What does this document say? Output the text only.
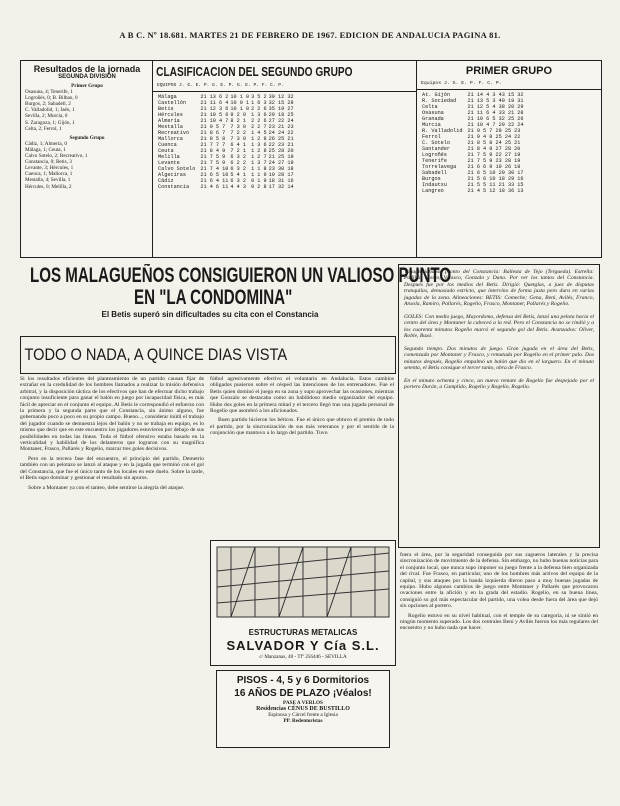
A B C. Nº 18.681. MARTES 21 DE FEBRERO DE 1967. EDICION DE ANDALUCIA PAGINA 81.
Resultados de la jornada
SEGUNDA DIVISION
Primer Grupo
Osasuna, 4; Tenerife, 1
Logroñés, 0; B. Bilbao, 0
Burgos, 2; Sabadell, 2
C. Valladolid, 1; Jaén, 1
Sevilla, 2; Murcia, 0
S. Zaragoza, 1; Gijón, 1
Celta, 2; Ferrol, 1
Segundo Grupo
Cádiz, 1; Almería, 0
Málaga, 1; Ceuta, 1
Calvo Sotelo, 2; Recreativo, 1
Constancia, 0; Betis, 3
Levante, 3; Hércules, 1
Cuenca, 1; Mallorca, 1
Mestalla, 4; Sevilla, 1
Hércules, 0; Melilla, 2
CLASIFICACION DEL SEGUNDO GRUPO
EQUIPOS J. G. E. P. G. E. P. G. E. P. F. C. P.
Málaga	21 13 6 2	10 1 0	3 5 2	39 12 32
Castellón	21 11 6 4	10 0 1	1 6 3	32 15 28
Betis	21 12 3 6	10 1 0	2 2 6	35 19 27
Hércules	21 10 5 6	9 2 0	1 3 6	29 18 25
Almería	21 10 4 7	8 2 1	2 2 6	27 22 24
Mestalla	21 9 5 7	7 3 0	2 2 7	23 21 23
Recreativo	21 8 6 7	7 2 2	1 4 5	24 24 22
Mallorca	21 8 5 8	7 3 0	1 2 8	26 25 21
Cuenca	21 7 7 7	6 4 1	1 3 6	22 23 21
Ceuta	21 8 4 9	7 2 1	1 2 8	25 28 20
Melilla	21 7 5 9	6 3 2	1 2 7	21 25 19
Levante	21 7 5 9	6 2 2	1 3 7	24 27 19
Calvo Sotelo	21 7 4 10	6 3 2	1 1 8	23 30 18
Algeciras	21 6 5 10	5 4 1	1 1 9	19 28 17
Cádiz	21 6 4 11	6 3 2	0 1 9	18 31 16
Constancia	21 4 6 11	4 4 3	0 2 8	17 32 14
PRIMER GRUPO
Equipos J. G. E. P. F. C. P.
At. Gijón	21 14 4 3 43 15 32
R. Sociedad	21 13 5 3 40 19 31
Celta	21 12 5 4 38 20 29
Osasuna	21 11 6 4 33 21 28
Granada	21 10 6 5 32 25 26
Murcia	21 10 4 7 29 22 24
R. Valladolid	21 9 5 7 28 25 23
Ferrol	21 9 4 8 25 24 22
C. Sotelo	21 8 5 8 24 25 21
Santander	21 8 4 9 27 28 20
Logroñés	21 7 5 9 22 27 19
Tenerife	21 7 5 9 23 28 19
Torrelavega	21 6 6 9 19 26 18
Sabadell	21 6 5 10 20 30 17
Burgos	21 5 6 10 18 29 16
Indautxu	21 5 5 11 21 33 15
Langreo	21 4 5 12 18 36 13
LOS MALAGUEÑOS CONSIGUIERON UN VALIOSO PUNTO
EN "LA CONDOMINA"
El Betis superó sin dificultades su cita con el Constancia
TODO O NADA, A QUINCE DIAS VISTA
Si los resultados eficientes del planteamiento de un partido causan fijar de extrañar en la credulidad de los hombres llamados a realizar la misión defensiva arbitral, y la disposición táctica de los efectivos que han de efectuar dicho trabajo conjunto insuficiente para ganar el balón en juego por incapacidad física, es más fácil de apreciar en el conjunto el equipo. Al Betis le correspondió el esfuerzo con la primera y la segunda parte que el Constancia, sin ánimo alguno, fue gobernando poco a poco en su propio campo. Bueno..., considerar inútil el trabajo del jugador cuando se demuestra lejos del balón y no se trabaja en equipo, es lo mismo que decir que en este encuentro los jugadores estuvieron por debajo de sus posibilidades en todas las líneas. Toda el fútbol ofensivo estaba basado en la verticalidad y habilidad de los delanteros que lograron con su magnífica Montaner, Frasco, Pallarés y Rogelio, marcar tres goles decisivos.
Pero en la tercera fase del encuentro, el principio del partido, Demetrio también con un pelotazo se lanzó al ataque y en la jugada que terminó con el gol del Constancia, que fue el único tanto de los locales en este duelo. Sobre la tarde, el Betis supo dominar y gestionar el resultado sin apuros.
Sobre a Montaner ya con el tanteo, debe sentirse la alegría del ataque.
fútbol agresivamente efectivo el voluntario en Andalucía. Estos cambios obligados pusieron sobre el césped las intenciones de los entrenadores. Fue el Betis quien dominó el juego en su zona y supo aprovechar las ocasiones, mientras que Gonzalo se destacaba como un habilidoso medio organizador del equipo. Hubo dos goles en la primera mitad y el tercero llegó tras una jugada personal de Rogelio que asombró a los aficionados.
Buen partido hicieron los béticos. Fue el único que obtuvo el premio de todo el partido, por la sincronización de sus más veteranos y por el sentido de la conjunción que mantuvo a lo largo del partido. Tuvo
ESTRUCTURAS METALICAS
SALVADOR Y Cía S.L.
c/ Manzanas, 40 - Tfº 256446 - SEVILLA
PISOS - 4, 5 y 6 Dormitorios
16 AÑOS DE PLAZO ¡Véalos!
PASE A VERLOS
Residencias CÉNUS DE BUSTILLO
Espinosa y Cárcel frente a Iglesia
PP. Redentoristas
Vanagloriándose pronto del Constancia: Ballesta de Tejo (Tergueda). Estrella: Padilla, Morro, Velasco, Gonzalo y Dano. Por ver los tantos del Constancia. Después fue por los medios del Betis. Dirigió: Quetglas, a juez de disputas tranquilas, demasiado estricto, que intervino de forma justa pero dura en varias jugadas de la zona. Alineaciones: BETIS: Comeche; Gena, Beni, Avilés, Franco, Ansola, Ramiro, Pallarés, Rogelio, Frasco, Montaner, Pallarés y Rogelio.

GOLES: Con medio juego, Mayordomo, defensa del Betis, lanzó una pelota hacia el centro del área y Montaner la cabeceó a la red. Pero el Constancia no se rindió y a los cuarenta minutos Rogelio marcó el segundo gol del Betis. Avanzados: Oliver, Roble, Buxó.

Segundo tiempo. Dos minutos de juego. Gran jugada en el área del Betis, comenzada por Montaner y Frasco, y rematada por Rogelio en el primer palo. Dos minutos después, Rogelio empalmó un balón que dio en el larguero. En el minuto setenta, el Betis consigue el tercer tanto, obra de Frasco.

En el minuto ochenta y cinco, un nuevo remate de Rogelio fue despejado por el portero Durán, a Cumplido, Rogelio y Rogelio, Rogelio.
fuera el área, por la seguridad conseguida por sus zagueros laterales y la precisa sincronización de movimiento de la defensa. Sin embargo, no hubo buenas noticias para el conjunto local, que nunca supo imponer su juego frente a la defensa bien organizada del rival. Fue Frasco, en particular, uno de los hombres más activos del equipo de la capital, y sus ataques por la banda izquierda dieron paso a muy buenas jugadas de equipo. Hubo algunos cambios de juego entre Montaner y Pallarés que provocaron ovaciones entre la afición y en la grada del estadio. Rogelio, en su buena línea, consiguió su gol más espectacular del partido, una volea desde fuera del área que dejó sin opciones al portero.
Rogelio estuvo en su nivel habitual, con el temple de su categoría, ni se sintió en ningún momento superado. Los dos centrales Beni y Avilés fueron los más regulares del encuentro y no hubo nada que hacer.
